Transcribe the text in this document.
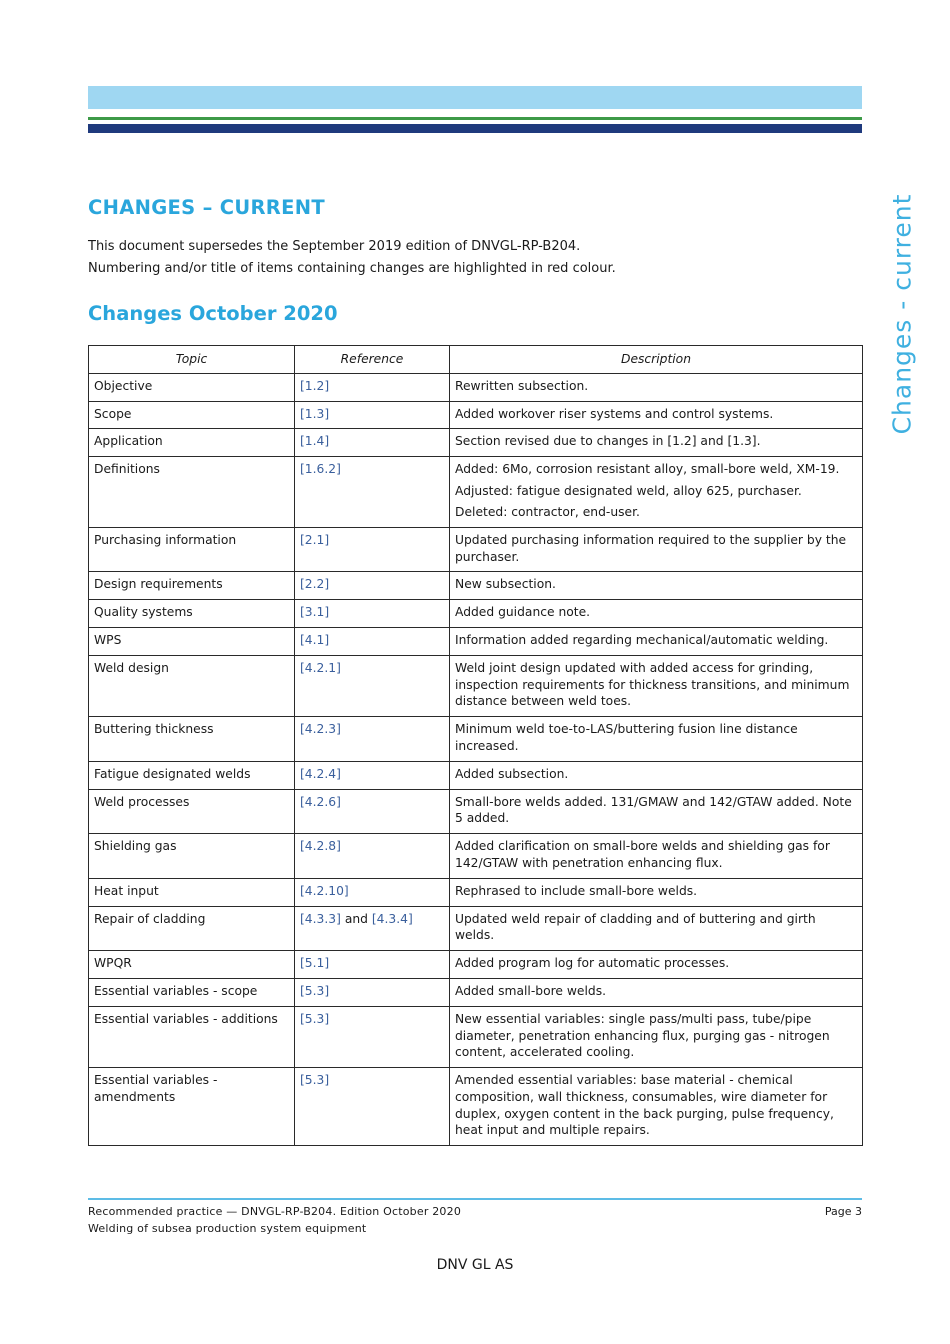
Changes - current
CHANGES – CURRENT

This document supersedes the September 2019 edition of DNVGL-RP-B204.

Numbering and/or title of items containing changes are highlighted in red colour.

Changes October 2020
Topic	Reference	Description
Objective	[1.2]	Rewritten subsection.

Scope	[1.3]	Added workover riser systems and control systems.

Application	[1.4]	Section revised due to changes in [1.2] and [1.3].

Definitions	[1.6.2]	Added: 6Mo, corrosion resistant alloy, small-bore weld, XM-19.
Adjusted: fatigue designated weld, alloy 625, purchaser.
Deleted: contractor, end-user.

Purchasing information	[2.1]	Updated purchasing information required to the supplier by the purchaser.

Design requirements	[2.2]	New subsection.

Quality systems	[3.1]	Added guidance note.

WPS	[4.1]	Information added regarding mechanical/automatic welding.

Weld design	[4.2.1]	Weld joint design updated with added access for grinding, inspection requirements for thickness transitions, and minimum distance between weld toes.

Buttering thickness	[4.2.3]	Minimum weld toe-to-LAS/buttering fusion line distance increased.

Fatigue designated welds	[4.2.4]	Added subsection.

Weld processes	[4.2.6]	Small-bore welds added. 131/GMAW and 142/GTAW added. Note 5 added.

Shielding gas	[4.2.8]	Added clarification on small-bore welds and shielding gas for 142/GTAW with penetration enhancing flux.

Heat input	[4.2.10]	Rephrased to include small-bore welds.

Repair of cladding	[4.3.3] and [4.3.4]	Updated weld repair of cladding and of buttering and girth welds.

WPQR	[5.1]	Added program log for automatic processes.

Essential variables - scope	[5.3]	Added small-bore welds.

Essential variables - additions	[5.3]	New essential variables: single pass/multi pass, tube/pipe diameter, penetration enhancing flux, purging gas - nitrogen content, accelerated cooling.

Essential variables - amendments	[5.3]	Amended essential variables: base material - chemical composition, wall thickness, consumables, wire diameter for duplex, oxygen content in the back purging, pulse frequency, heat input and multiple repairs.
Recommended practice — DNVGL-RP-B204. Edition October 2020
Welding of subsea production system equipment
Page 3
DNV GL AS
